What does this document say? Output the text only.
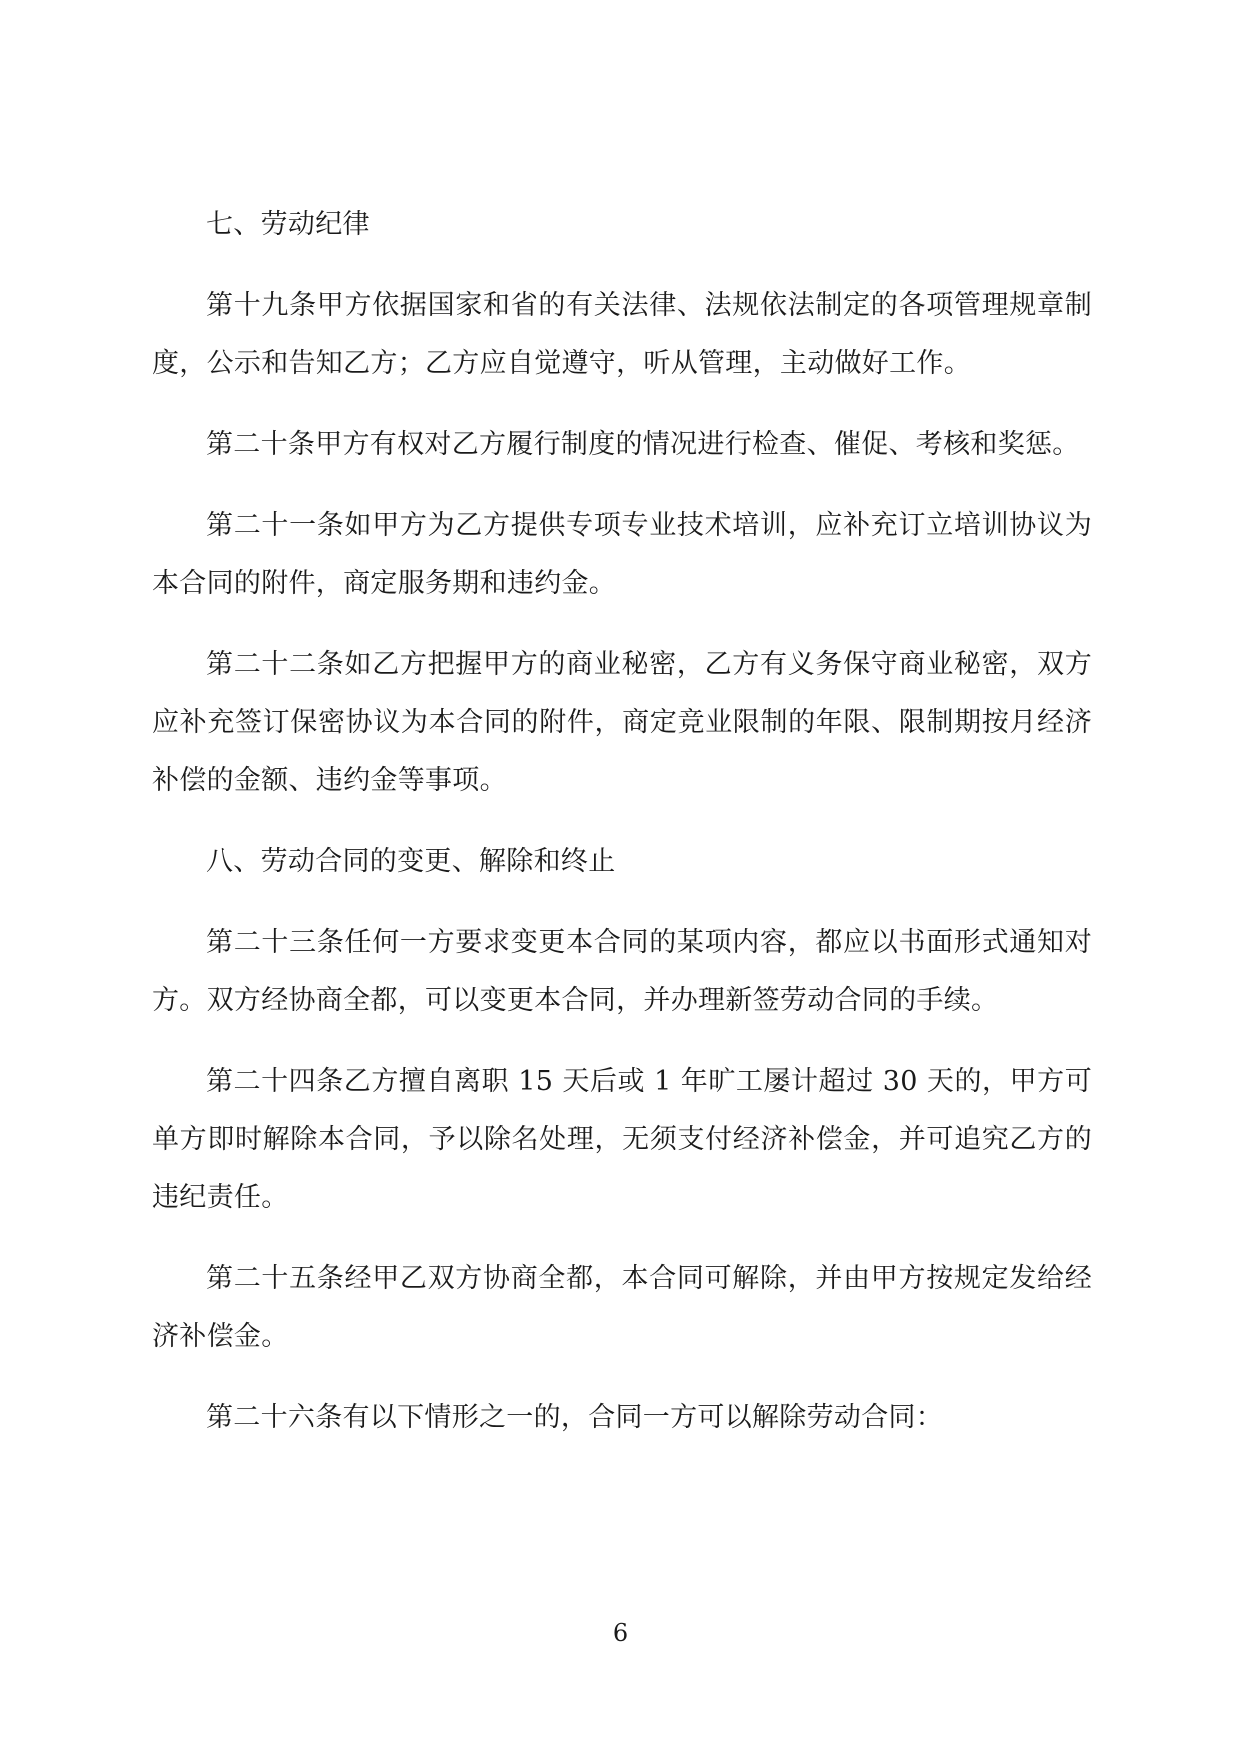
七、劳动纪律

第十九条甲方依据国家和省的有关法律、法规依法制定的各项管理规章制度，公示和告知乙方；乙方应自觉遵守，听从管理，主动做好工作。

第二十条甲方有权对乙方履行制度的情况进行检查、催促、考核和奖惩。

第二十一条如甲方为乙方提供专项专业技术培训，应补充订立培训协议为本合同的附件，商定服务期和违约金。

第二十二条如乙方把握甲方的商业秘密，乙方有义务保守商业秘密，双方应补充签订保密协议为本合同的附件，商定竞业限制的年限、限制期按月经济补偿的金额、违约金等事项。

八、劳动合同的变更、解除和终止

第二十三条任何一方要求变更本合同的某项内容，都应以书面形式通知对方。双方经协商全都，可以变更本合同，并办理新签劳动合同的手续。

第二十四条乙方擅自离职 15 天后或 1 年旷工屡计超过 30 天的，甲方可单方即时解除本合同，予以除名处理，无须支付经济补偿金，并可追究乙方的违纪责任。

第二十五条经甲乙双方协商全都，本合同可解除，并由甲方按规定发给经济补偿金。

第二十六条有以下情形之一的，合同一方可以解除劳动合同：

6
